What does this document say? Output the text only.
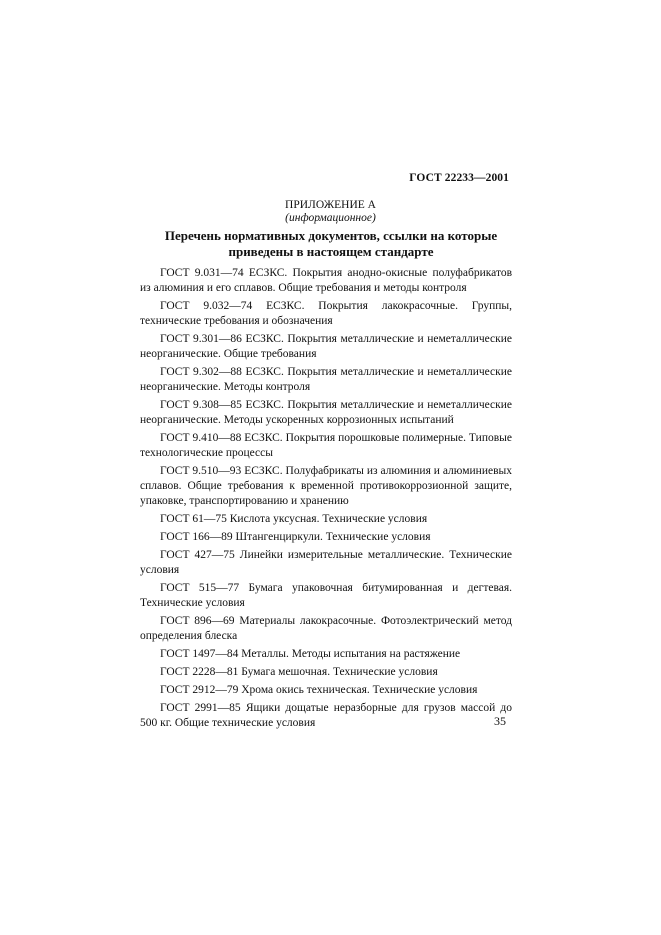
ГОСТ 22233—2001
ПРИЛОЖЕНИЕ А
(информационное)
Перечень нормативных документов, ссылки на которые
приведены в настоящем стандарте

ГОСТ 9.031—74 ЕСЗКС. Покрытия анодно-окисные полуфабрикатов из алюминия и его сплавов. Общие требования и методы контроля

ГОСТ 9.032—74 ЕСЗКС. Покрытия лакокрасочные. Группы, технические требования и обозначения

ГОСТ 9.301—86 ЕСЗКС. Покрытия металлические и неметаллические неорганические. Общие требования

ГОСТ 9.302—88 ЕСЗКС. Покрытия металлические и неметаллические неорганические. Методы контроля

ГОСТ 9.308—85 ЕСЗКС. Покрытия металлические и неметаллические неорганические. Методы ускоренных коррозионных испытаний

ГОСТ 9.410—88 ЕСЗКС. Покрытия порошковые полимерные. Типовые технологические процессы

ГОСТ 9.510—93 ЕСЗКС. Полуфабрикаты из алюминия и алюминиевых сплавов. Общие требования к временной противокоррозионной защите, упаковке, транспортированию и хранению

ГОСТ 61—75 Кислота уксусная. Технические условия

ГОСТ 166—89 Штангенциркули. Технические условия

ГОСТ 427—75 Линейки измерительные металлические. Технические условия

ГОСТ 515—77 Бумага упаковочная битумированная и дегтевая. Технические условия

ГОСТ 896—69 Материалы лакокрасочные. Фотоэлектрический метод определения блеска

ГОСТ 1497—84 Металлы. Методы испытания на растяжение

ГОСТ 2228—81 Бумага мешочная. Технические условия

ГОСТ 2912—79 Хрома окись техническая. Технические условия

ГОСТ 2991—85 Ящики дощатые неразборные для грузов массой до 500 кг. Общие технические условия	35
